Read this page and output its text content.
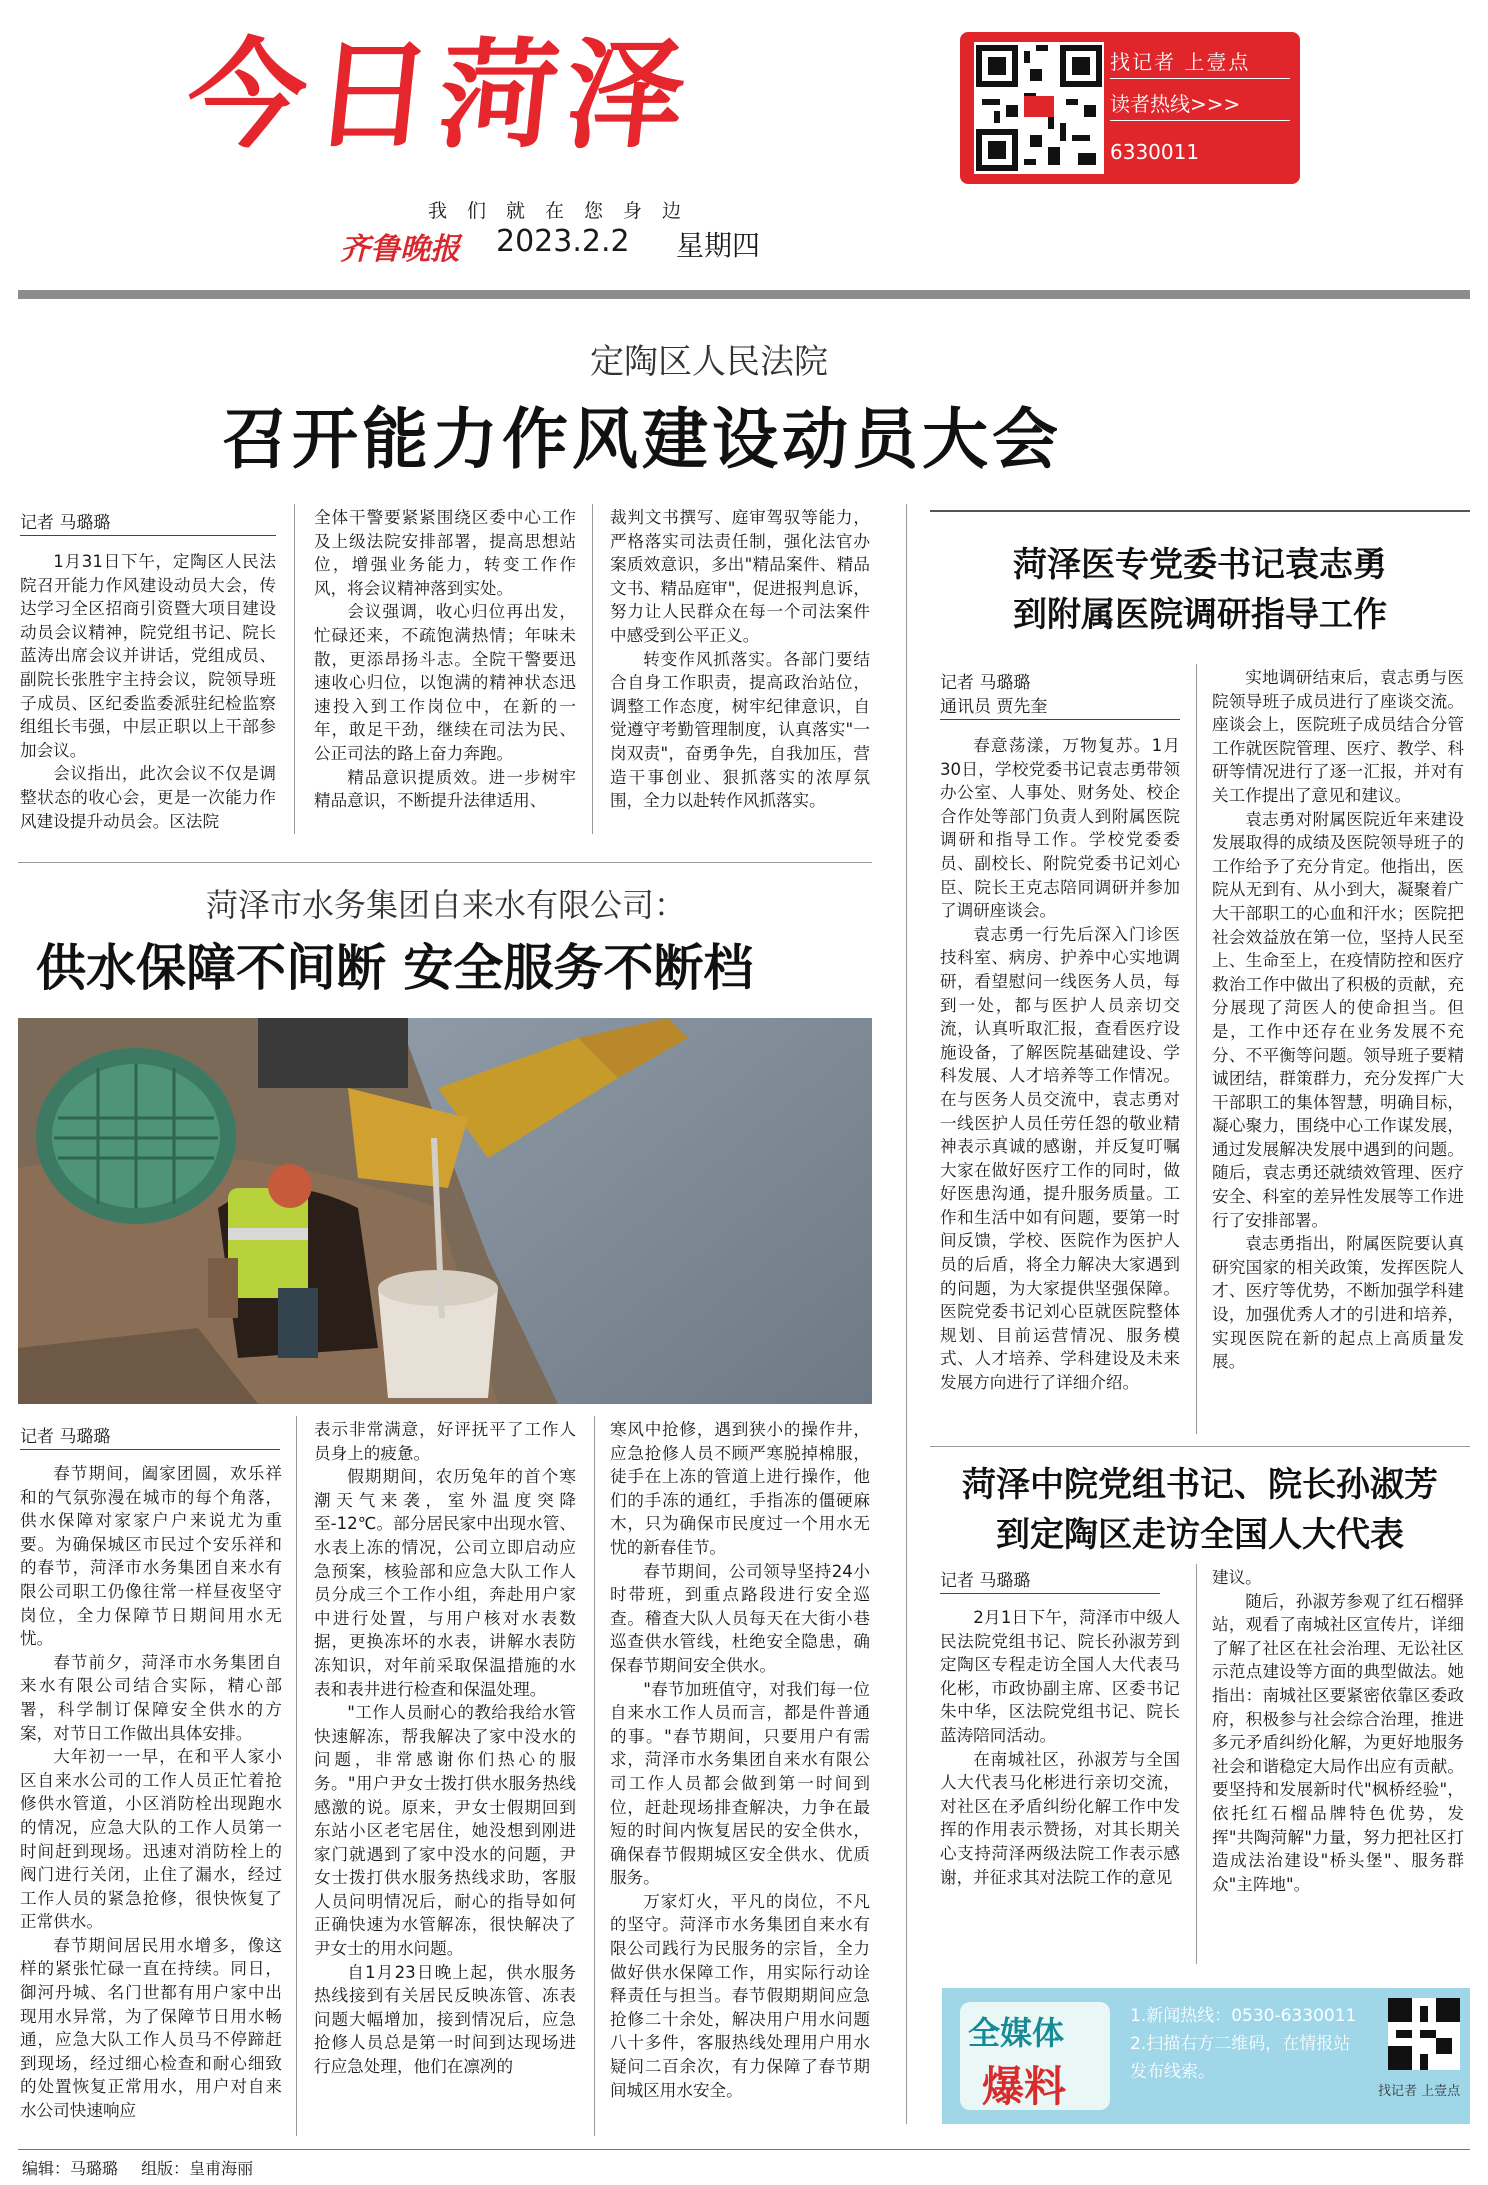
今日菏泽
我们就在您身边
齐鲁晚报 2023.2.2 星期四
找记者 上壹点
读者热线>>>
6330011
定陶区人民法院
召开能力作风建设动员大会
记者 马璐璐

1月31日下午，定陶区人民法院召开能力作风建设动员大会，传达学习全区招商引资暨大项目建设动员会议精神，院党组书记、院长蓝涛出席会议并讲话，党组成员、副院长张胜宇主持会议，院领导班子成员、区纪委监委派驻纪检监察组组长韦强，中层正职以上干部参加会议。

会议指出，此次会议不仅是调整状态的收心会，更是一次能力作风建设提升动员会。区法院

全体干警要紧紧围绕区委中心工作及上级法院安排部署，提高思想站位，增强业务能力，转变工作作风，将会议精神落到实处。

会议强调，收心归位再出发，忙碌还来，不疏饱满热情；年味未散，更添昂扬斗志。全院干警要迅速收心归位，以饱满的精神状态迅速投入到工作岗位中，在新的一年，敢足干劲，继续在司法为民、公正司法的路上奋力奔跑。

精品意识提质效。进一步树牢精品意识，不断提升法律适用、

裁判文书撰写、庭审驾驭等能力，严格落实司法责任制，强化法官办案质效意识，多出"精品案件、精品文书、精品庭审"，促进报判息诉，努力让人民群众在每一个司法案件中感受到公平正义。

转变作风抓落实。各部门要结合自身工作职责，提高政治站位，调整工作态度，树牢纪律意识，自觉遵守考勤管理制度，认真落实"一岗双责"，奋勇争先，自我加压，营造干事创业、狠抓落实的浓厚氛围，全力以赴转作风抓落实。

菏泽市水务集团自来水有限公司：
供水保障不间断 安全服务不断档
记者 马璐璐

春节期间，阖家团圆，欢乐祥和的气氛弥漫在城市的每个角落，供水保障对家家户户来说尤为重要。为确保城区市民过个安乐祥和的春节，菏泽市水务集团自来水有限公司职工仍像往常一样昼夜坚守岗位，全力保障节日期间用水无忧。

春节前夕，菏泽市水务集团自来水有限公司结合实际，精心部署，科学制订保障安全供水的方案，对节日工作做出具体安排。

大年初一一早，在和平人家小区自来水公司的工作人员正忙着抢修供水管道，小区消防栓出现跑水的情况，应急大队的工作人员第一时间赶到现场。迅速对消防栓上的阀门进行关闭，止住了漏水，经过工作人员的紧急抢修，很快恢复了正常供水。

春节期间居民用水增多，像这样的紧张忙碌一直在持续。同日，御河丹城、名门世都有用户家中出现用水异常，为了保障节日用水畅通，应急大队工作人员马不停蹄赶到现场，经过细心检查和耐心细致的处置恢复正常用水，用户对自来水公司快速响应

表示非常满意，好评抚平了工作人员身上的疲惫。

假期期间，农历兔年的首个寒潮天气来袭，室外温度突降至-12℃。部分居民家中出现水管、水表上冻的情况，公司立即启动应急预案，核验部和应急大队工作人员分成三个工作小组，奔赴用户家中进行处置，与用户核对水表数据，更换冻坏的水表，讲解水表防冻知识，对年前采取保温措施的水表和表井进行检查和保温处理。

"工作人员耐心的教给我给水管快速解冻，帮我解决了家中没水的问题，非常感谢你们热心的服务。"用户尹女士拨打供水服务热线感激的说。原来，尹女士假期回到东站小区老宅居住，她没想到刚进家门就遇到了家中没水的问题，尹女士拨打供水服务热线求助，客服人员问明情况后，耐心的指导如何正确快速为水管解冻，很快解决了尹女士的用水问题。

自1月23日晚上起，供水服务热线接到有关居民反映冻管、冻表问题大幅增加，接到情况后，应急抢修人员总是第一时间到达现场进行应急处理，他们在凛冽的

寒风中抢修，遇到狭小的操作井，应急抢修人员不顾严寒脱掉棉服，徒手在上冻的管道上进行操作，他们的手冻的通红，手指冻的僵硬麻木，只为确保市民度过一个用水无忧的新春佳节。

春节期间，公司领导坚持24小时带班，到重点路段进行安全巡查。稽查大队人员每天在大街小巷巡查供水管线，杜绝安全隐患，确保春节期间安全供水。

"春节加班值守，对我们每一位自来水工作人员而言，都是件普通的事。"春节期间，只要用户有需求，菏泽市水务集团自来水有限公司工作人员都会做到第一时间到位，赶赴现场排查解决，力争在最短的时间内恢复居民的安全供水，确保春节假期城区安全供水、优质服务。

万家灯火，平凡的岗位，不凡的坚守。菏泽市水务集团自来水有限公司践行为民服务的宗旨，全力做好供水保障工作，用实际行动诠释责任与担当。春节假期期间应急抢修二十余处，解决用户用水问题八十多件，客服热线处理用户用水疑问二百余次，有力保障了春节期间城区用水安全。

菏泽医专党委书记袁志勇
到附属医院调研指导工作
记者 马璐璐
通讯员 贾先奎

春意荡漾，万物复苏。1月30日，学校党委书记袁志勇带领办公室、人事处、财务处、校企合作处等部门负责人到附属医院调研和指导工作。学校党委委员、副校长、附院党委书记刘心臣、院长王克志陪同调研并参加了调研座谈会。

袁志勇一行先后深入门诊医技科室、病房、护养中心实地调研，看望慰问一线医务人员，每到一处，都与医护人员亲切交流，认真听取汇报，查看医疗设施设备，了解医院基础建设、学科发展、人才培养等工作情况。在与医务人员交流中，袁志勇对一线医护人员任劳任怨的敬业精神表示真诚的感谢，并反复叮嘱大家在做好医疗工作的同时，做好医患沟通，提升服务质量。工作和生活中如有问题，要第一时间反馈，学校、医院作为医护人员的后盾，将全力解决大家遇到的问题，为大家提供坚强保障。医院党委书记刘心臣就医院整体规划、目前运营情况、服务模式、人才培养、学科建设及未来发展方向进行了详细介绍。

实地调研结束后，袁志勇与医院领导班子成员进行了座谈交流。座谈会上，医院班子成员结合分管工作就医院管理、医疗、教学、科研等情况进行了逐一汇报，并对有关工作提出了意见和建议。

袁志勇对附属医院近年来建设发展取得的成绩及医院领导班子的工作给予了充分肯定。他指出，医院从无到有、从小到大，凝聚着广大干部职工的心血和汗水；医院把社会效益放在第一位，坚持人民至上、生命至上，在疫情防控和医疗救治工作中做出了积极的贡献，充分展现了菏医人的使命担当。但是，工作中还存在业务发展不充分、不平衡等问题。领导班子要精诚团结，群策群力，充分发挥广大干部职工的集体智慧，明确目标，凝心聚力，围绕中心工作谋发展，通过发展解决发展中遇到的问题。随后，袁志勇还就绩效管理、医疗安全、科室的差异性发展等工作进行了安排部署。

袁志勇指出，附属医院要认真研究国家的相关政策，发挥医院人才、医疗等优势，不断加强学科建设，加强优秀人才的引进和培养，实现医院在新的起点上高质量发展。

菏泽中院党组书记、院长孙淑芳
到定陶区走访全国人大代表
记者 马璐璐

2月1日下午，菏泽市中级人民法院党组书记、院长孙淑芳到定陶区专程走访全国人大代表马化彬，市政协副主席、区委书记朱中华，区法院党组书记、院长蓝涛陪同活动。

在南城社区，孙淑芳与全国人大代表马化彬进行亲切交流，对社区在矛盾纠纷化解工作中发挥的作用表示赞扬，对其长期关心支持菏泽两级法院工作表示感谢，并征求其对法院工作的意见

建议。

随后，孙淑芳参观了红石榴驿站，观看了南城社区宣传片，详细了解了社区在社会治理、无讼社区示范点建设等方面的典型做法。她指出：南城社区要紧密依靠区委政府，积极参与社会综合治理，推进多元矛盾纠纷化解，为更好地服务社会和谐稳定大局作出应有贡献。要坚持和发展新时代"枫桥经验"，依托红石榴品牌特色优势，发挥"共陶菏解"力量，努力把社区打造成法治建设"桥头堡"、服务群众"主阵地"。

全媒体
爆料
1.新闻热线：0530-6330011
2.扫描右方二维码，在情报站
发布线索。
找记者 上壹点
编辑：马璐璐 组版：皇甫海丽
